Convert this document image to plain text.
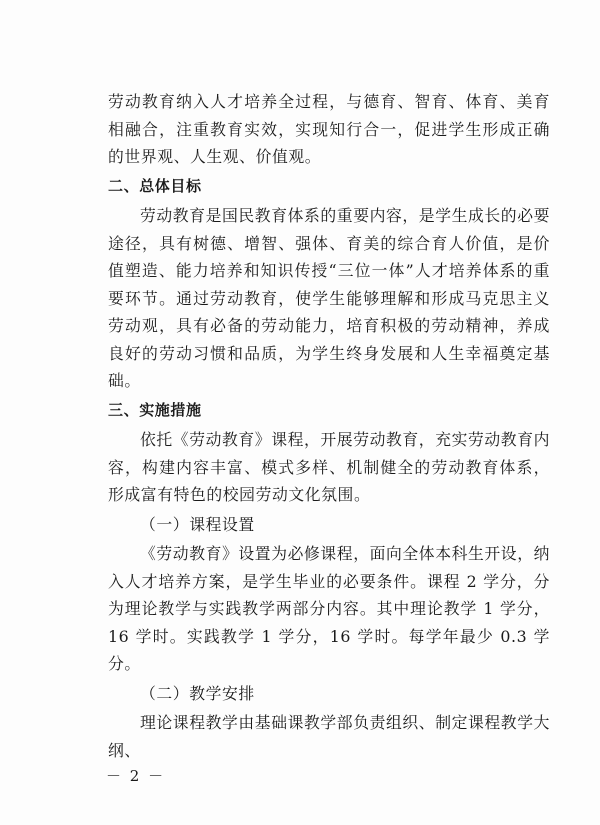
劳动教育纳入人才培养全过程，与德育、智育、体育、美育相融合，注重教育实效，实现知行合一，促进学生形成正确的世界观、人生观、价值观。

二、总体目标

劳动教育是国民教育体系的重要内容，是学生成长的必要途径，具有树德、增智、强体、育美的综合育人价值，是价值塑造、能力培养和知识传授“三位一体”人才培养体系的重要环节。通过劳动教育，使学生能够理解和形成马克思主义劳动观，具有必备的劳动能力，培育积极的劳动精神，养成良好的劳动习惯和品质，为学生终身发展和人生幸福奠定基础。

三、实施措施

依托《劳动教育》课程，开展劳动教育，充实劳动教育内容，构建内容丰富、模式多样、机制健全的劳动教育体系，形成富有特色的校园劳动文化氛围。

（一）课程设置

《劳动教育》设置为必修课程，面向全体本科生开设，纳入人才培养方案，是学生毕业的必要条件。课程 2 学分，分为理论教学与实践教学两部分内容。其中理论教学 1 学分，16 学时。实践教学 1 学分，16 学时。每学年最少 0.3 学分。

（二）教学安排

理论课程教学由基础课教学部负责组织、制定课程教学大纲、

－ 2 －
